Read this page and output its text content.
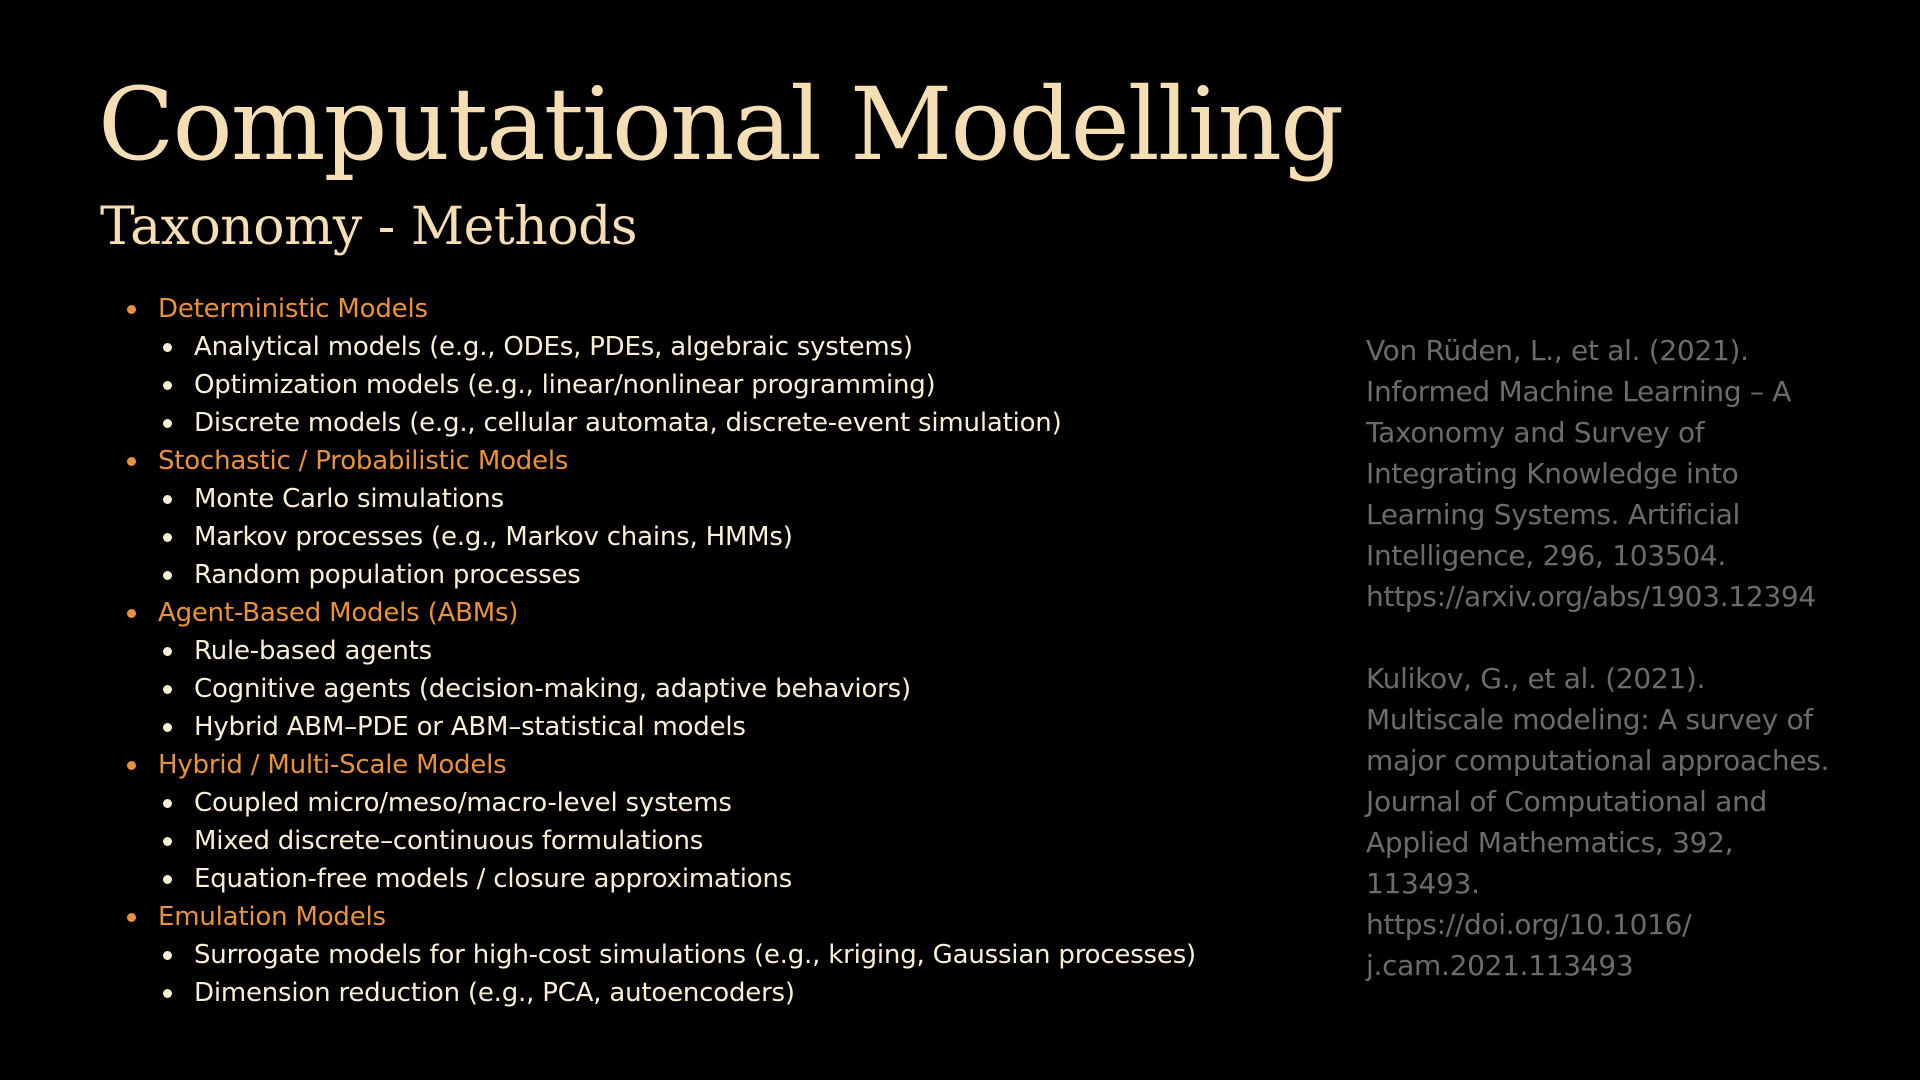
Computational Modelling
Taxonomy - Methods
Deterministic Models
Analytical models (e.g., ODEs, PDEs, algebraic systems)
Optimization models (e.g., linear/nonlinear programming)
Discrete models (e.g., cellular automata, discrete-event simulation)
Stochastic / Probabilistic Models
Monte Carlo simulations
Markov processes (e.g., Markov chains, HMMs)
Random population processes
Agent-Based Models (ABMs)
Rule-based agents
Cognitive agents (decision-making, adaptive behaviors)
Hybrid ABM–PDE or ABM–statistical models
Hybrid / Multi-Scale Models
Coupled micro/meso/macro-level systems
Mixed discrete–continuous formulations
Equation-free models / closure approximations
Emulation Models
Surrogate models for high-cost simulations (e.g., kriging, Gaussian processes)
Dimension reduction (e.g., PCA, autoencoders)
Von Rüden, L., et al. (2021).
Informed Machine Learning – A
Taxonomy and Survey of
Integrating Knowledge into
Learning Systems. Artificial
Intelligence, 296, 103504.
https://arxiv.org/abs/1903.12394
Kulikov, G., et al. (2021).
Multiscale modeling: A survey of
major computational approaches.
Journal of Computational and
Applied Mathematics, 392,
113493.
https://doi.org/10.1016/
j.cam.2021.113493
